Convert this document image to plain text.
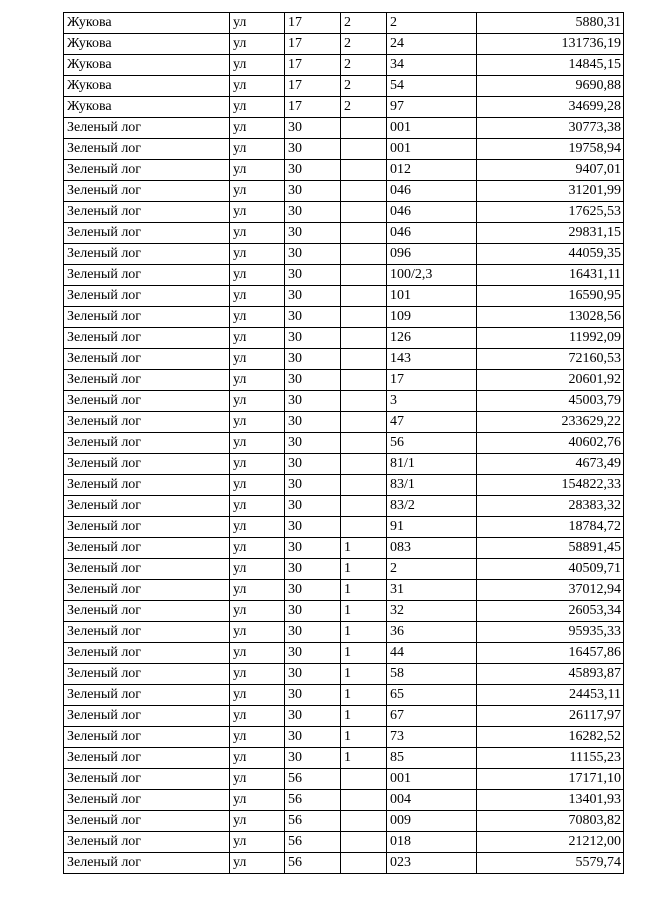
Жукова	ул	17	2	2	5880,31
Жукова	ул	17	2	24	131736,19
Жукова	ул	17	2	34	14845,15
Жукова	ул	17	2	54	9690,88
Жукова	ул	17	2	97	34699,28
Зеленый лог	ул	30		001	30773,38
Зеленый лог	ул	30		001	19758,94
Зеленый лог	ул	30		012	9407,01
Зеленый лог	ул	30		046	31201,99
Зеленый лог	ул	30		046	17625,53
Зеленый лог	ул	30		046	29831,15
Зеленый лог	ул	30		096	44059,35
Зеленый лог	ул	30		100/2,3	16431,11
Зеленый лог	ул	30		101	16590,95
Зеленый лог	ул	30		109	13028,56
Зеленый лог	ул	30		126	11992,09
Зеленый лог	ул	30		143	72160,53
Зеленый лог	ул	30		17	20601,92
Зеленый лог	ул	30		3	45003,79
Зеленый лог	ул	30		47	233629,22
Зеленый лог	ул	30		56	40602,76
Зеленый лог	ул	30		81/1	4673,49
Зеленый лог	ул	30		83/1	154822,33
Зеленый лог	ул	30		83/2	28383,32
Зеленый лог	ул	30		91	18784,72
Зеленый лог	ул	30	1	083	58891,45
Зеленый лог	ул	30	1	2	40509,71
Зеленый лог	ул	30	1	31	37012,94
Зеленый лог	ул	30	1	32	26053,34
Зеленый лог	ул	30	1	36	95935,33
Зеленый лог	ул	30	1	44	16457,86
Зеленый лог	ул	30	1	58	45893,87
Зеленый лог	ул	30	1	65	24453,11
Зеленый лог	ул	30	1	67	26117,97
Зеленый лог	ул	30	1	73	16282,52
Зеленый лог	ул	30	1	85	11155,23
Зеленый лог	ул	56		001	17171,10
Зеленый лог	ул	56		004	13401,93
Зеленый лог	ул	56		009	70803,82
Зеленый лог	ул	56		018	21212,00
Зеленый лог	ул	56		023	5579,74
